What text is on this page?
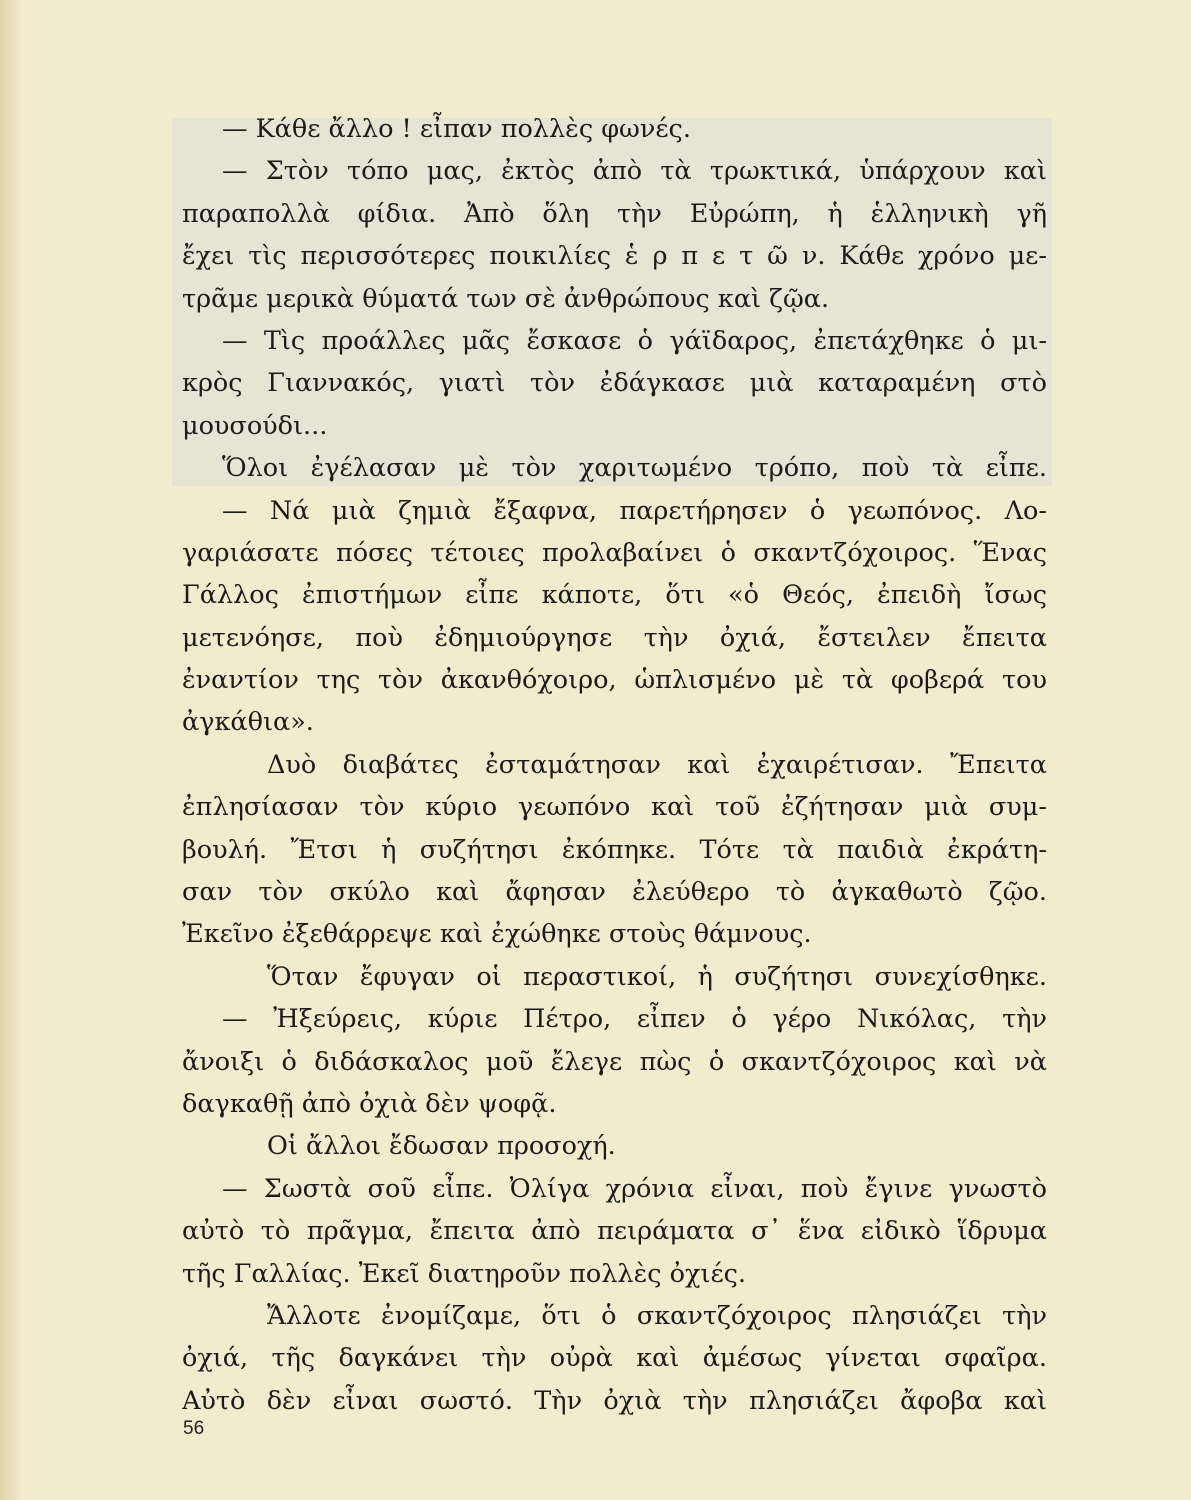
— Κάθε ἄλλο ! εἶπαν πολλὲς φωνές.
— Στὸν τόπο μας, ἐκτὸς ἀπὸ τὰ τρωκτικά, ὑπάρχουν καὶ
παραπολλὰ φίδια. Ἀπὸ ὅλη τὴν Εὐρώπη, ἡ ἑλληνικὴ γῆ
ἔχει τὶς περισσότερες ποικιλίες ἑ ρ π ε τ ῶ ν. Κάθε χρόνο με-
τρᾶμε μερικὰ θύματά των σὲ ἀνθρώπους καὶ ζῷα.
— Τὶς προάλλες μᾶς ἔσκασε ὁ γάϊδαρος, ἐπετάχθηκε ὁ μι-
κρὸς Γιαννακός, γιατὶ τὸν ἐδάγκασε μιὰ καταραμένη στὸ
μουσούδι...
Ὅλοι ἐγέλασαν μὲ τὸν χαριτωμένο τρόπο, ποὺ τὰ εἶπε.
— Νά μιὰ ζημιὰ ἔξαφνα, παρετήρησεν ὁ γεωπόνος. Λο-
γαριάσατε πόσες τέτοιες προλαβαίνει ὁ σκαντζόχοιρος. Ἕνας
Γάλλος ἐπιστήμων εἶπε κάποτε, ὅτι «ὁ Θεός, ἐπειδὴ ἴσως
μετενόησε, ποὺ ἐδημιούργησε τὴν ὀχιά, ἔστειλεν ἔπειτα
ἐναντίον της τὸν ἀκανθόχοιρο, ὡπλισμένο μὲ τὰ φοβερά του
ἀγκάθια».
Δυὸ διαβάτες ἐσταμάτησαν καὶ ἐχαιρέτισαν. Ἔπειτα
ἐπλησίασαν τὸν κύριο γεωπόνο καὶ τοῦ ἐζήτησαν μιὰ συμ-
βουλή. Ἔτσι ἡ συζήτησι ἐκόπηκε. Τότε τὰ παιδιὰ ἐκράτη-
σαν τὸν σκύλο καὶ ἄφησαν ἐλεύθερο τὸ ἀγκαθωτὸ ζῷο.
Ἐκεῖνο ἐξεθάρρεψε καὶ ἐχώθηκε στοὺς θάμνους.
Ὅταν ἔφυγαν οἱ περαστικοί, ἡ συζήτησι συνεχίσθηκε.
— Ἠξεύρεις, κύριε Πέτρο, εἶπεν ὁ γέρο Νικόλας, τὴν
ἄνοιξι ὁ διδάσκαλος μοῦ ἔλεγε πὼς ὁ σκαντζόχοιρος καὶ νὰ
δαγκαθῇ ἀπὸ ὀχιὰ δὲν ψοφᾷ.
Οἱ ἄλλοι ἔδωσαν προσοχή.
— Σωστὰ σοῦ εἶπε. Ὀλίγα χρόνια εἶναι, ποὺ ἔγινε γνωστὸ
αὐτὸ τὸ πρᾶγμα, ἔπειτα ἀπὸ πειράματα σ᾽ ἕνα εἰδικὸ ἵδρυμα
τῆς Γαλλίας. Ἐκεῖ διατηροῦν πολλὲς ὀχιές.
Ἄλλοτε ἐνομίζαμε, ὅτι ὁ σκαντζόχοιρος πλησιάζει τὴν
ὀχιά, τῆς δαγκάνει τὴν οὐρὰ καὶ ἀμέσως γίνεται σφαῖρα.
Αὐτὸ δὲν εἶναι σωστό. Τὴν ὀχιὰ τὴν πλησιάζει ἄφοβα καὶ
56
